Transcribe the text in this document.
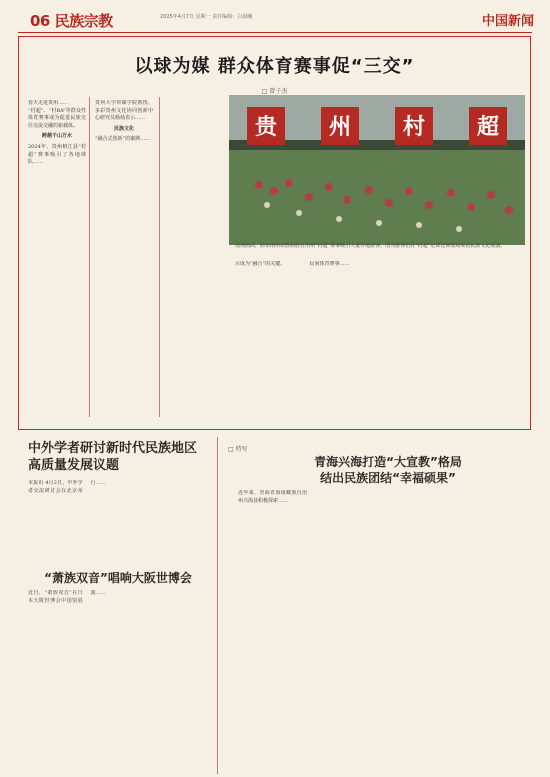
06 民族宗教	2025年4月7日 星期一 责任编辑：白晨曦	中国新闻
以球为媒 群众体育赛事促“三交”
□ 曾子杰
春天走进贵州……
“村超”、“村BA”等群众性体育赛事成为促进民族交往交流交融的新载体。
跨越千山万水
2024年，贵州榕江县“村超”赛事吸引了各地球队……
贵州大学传媒学院教授、多彩贵州文化协同创新中心研究员杨灿表示……
民族文化
“融合式创新”的案例……	贵 州 村 超
现场画面，黔东南州苗族侗族自治州“村超”赛事吸引大量外地游客。图为游客们在“村超”足球比赛现场观看民族文化展演。
示成为“融合”的关键。	民间体育赛事……
中外学者研讨新时代民族地区高质量发展议题
本报讯 4月2日，中外学者交流研讨会在北京举行……
“萧族双音”唱响大阪世博会
近日，“萧族双音”在日本大阪世博会中国馆展演……
□ 特写
青海兴海打造“大宣教”格局
结出民族团结“幸福硕果”
近年来，青海省海南藏族自治州兴海县积极探索……
